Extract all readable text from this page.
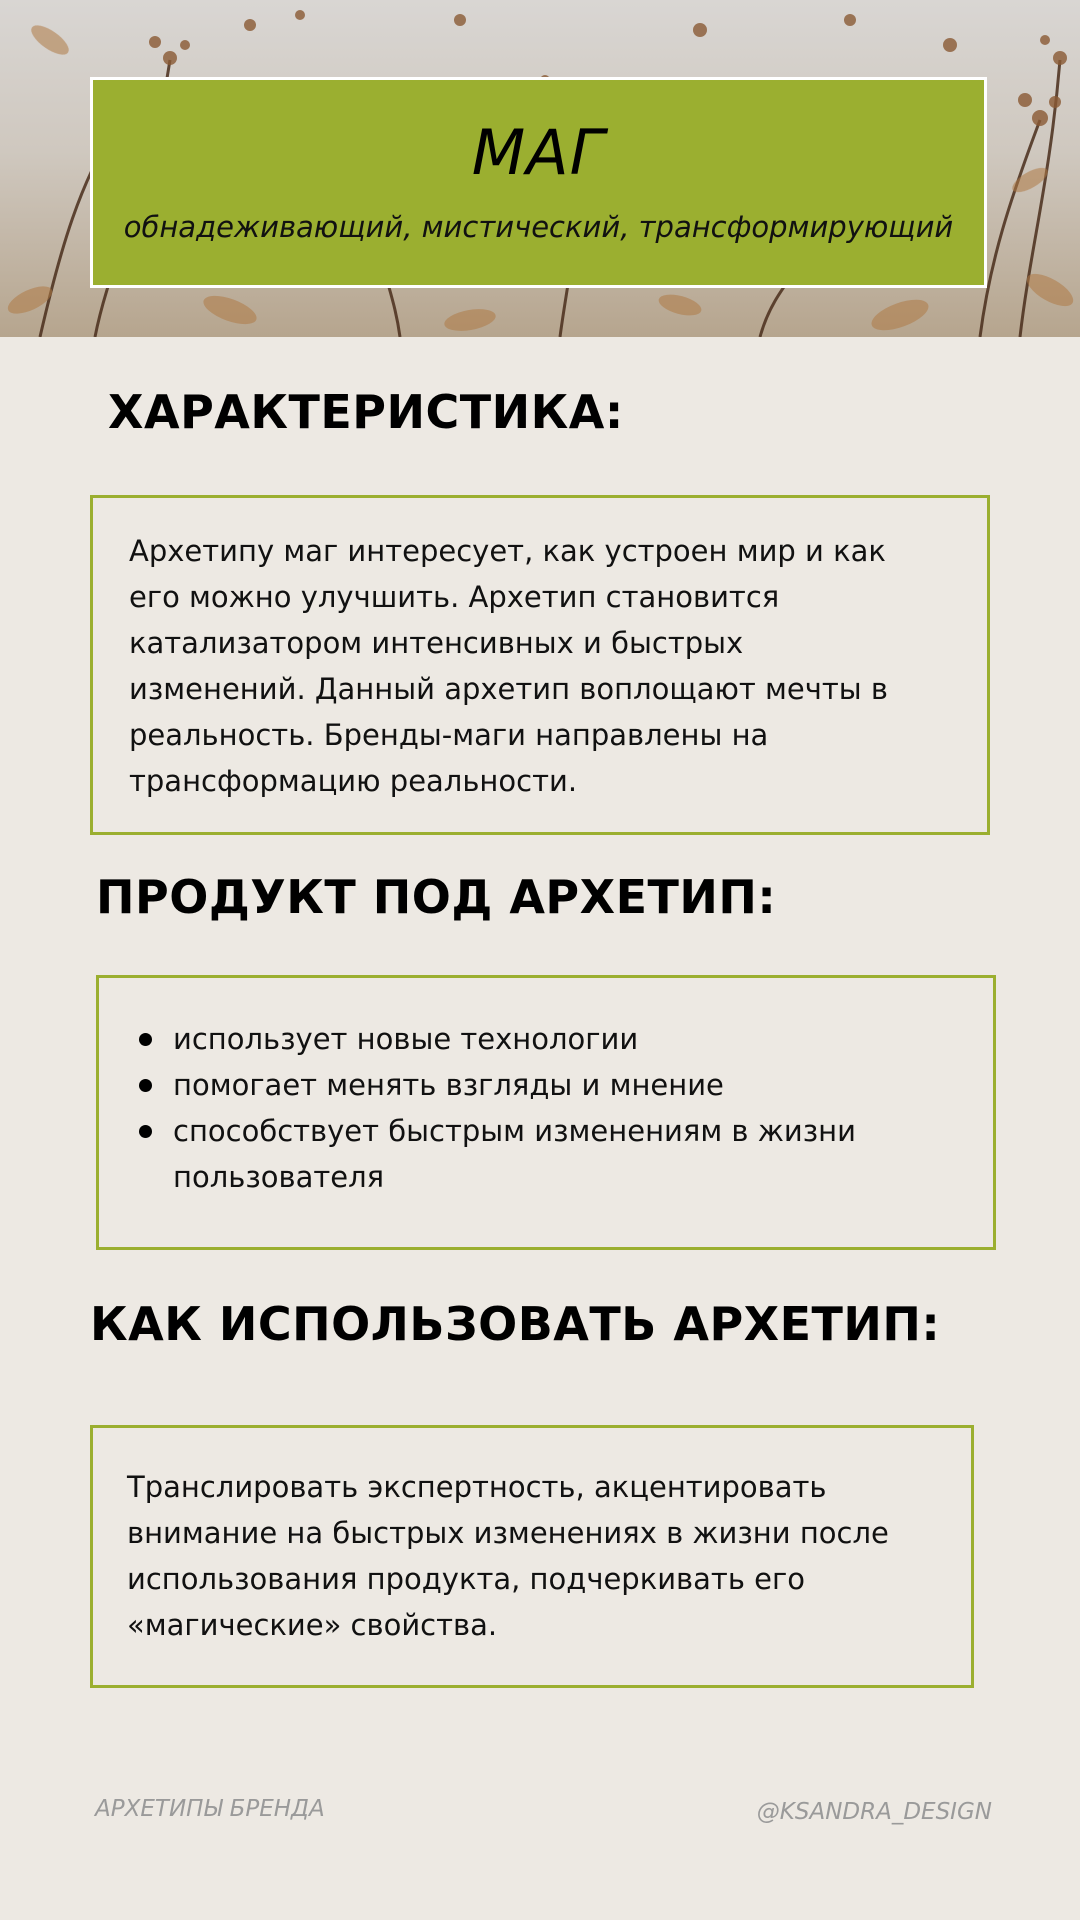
МАГ
обнадеживающий, мистический, трансформирующий
ХАРАКТЕРИСТИКА:
Архетипу маг интересует, как устроен мир и как его можно улучшить. Архетип становится катализатором интенсивных и быстрых изменений. Данный архетип воплощают мечты в реальность. Бренды-маги направлены на трансформацию реальности.
ПРОДУКТ ПОД АРХЕТИП:
использует новые технологии
помогает менять взгляды и мнение
способствует быстрым изменениям в жизни пользователя
КАК ИСПОЛЬЗОВАТЬ АРХЕТИП:
Транслировать экспертность, акцентировать внимание на быстрых изменениях в жизни после использования продукта, подчеркивать его «магические» свойства.
АРХЕТИПЫ БРЕНДА	@KSANDRA_DESIGN
